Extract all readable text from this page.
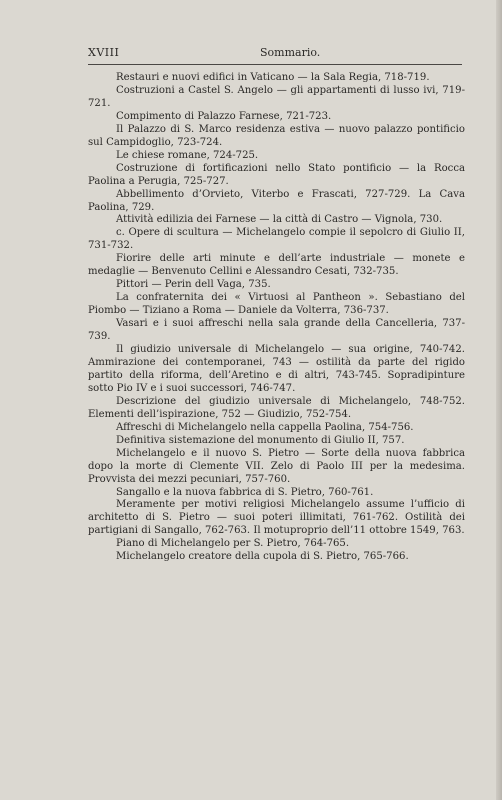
XVIII	Sommario.

Restauri e nuovi edifici in Vaticano — la Sala Regia, 718-719.

Costruzioni a Castel S. Angelo — gli appartamenti di lusso ivi, 719-721.

Compimento di Palazzo Farnese, 721-723.

Il Palazzo di S. Marco residenza estiva — nuovo palazzo pontificio sul Campidoglio, 723-724.

Le chiese romane, 724-725.

Costruzione di fortificazioni nello Stato pontificio — la Rocca Paolina a Perugia, 725-727.

Abbellimento d’Orvieto, Viterbo e Frascati, 727-729. La Cava Paolina, 729.

Attività edilizia dei Farnese — la città di Castro — Vignola, 730.

c. Opere di scultura — Michelangelo compie il sepolcro di Giulio II, 731-732.

Fiorire delle arti minute e dell’arte industriale — monete e medaglie — Benvenuto Cellini e Alessandro Cesati, 732-735.

Pittori — Perin dell Vaga, 735.

La confraternita dei « Virtuosi al Pantheon ». Sebastiano del Piombo — Tiziano a Roma — Daniele da Volterra, 736-737.

Vasari e i suoi affreschi nella sala grande della Cancelleria, 737-739.

Il giudizio universale di Michelangelo — sua origine, 740-742. Ammirazione dei contemporanei, 743 — ostilità da parte del rigido partito della riforma, dell’Aretino e di altri, 743-745. Sopradipinture sotto Pio IV e i suoi successori, 746-747.

Descrizione del giudizio universale di Michelangelo, 748-752. Elementi dell’ispirazione, 752 — Giudizio, 752-754.

Affreschi di Michelangelo nella cappella Paolina, 754-756.

Definitiva sistemazione del monumento di Giulio II, 757.

Michelangelo e il nuovo S. Pietro — Sorte della nuova fabbrica dopo la morte di Clemente VII. Zelo di Paolo III per la medesima. Provvista dei mezzi pecuniari, 757-760.

Sangallo e la nuova fabbrica di S. Pietro, 760-761.

Meramente per motivi religiosi Michelangelo assume l’ufficio di architetto di S. Pietro — suoi poteri illimitati, 761-762. Ostilità dei partigiani di Sangallo, 762-763. Il motuproprio dell’11 ottobre 1549, 763.

Piano di Michelangelo per S. Pietro, 764-765.

Michelangelo creatore della cupola di S. Pietro, 765-766.
